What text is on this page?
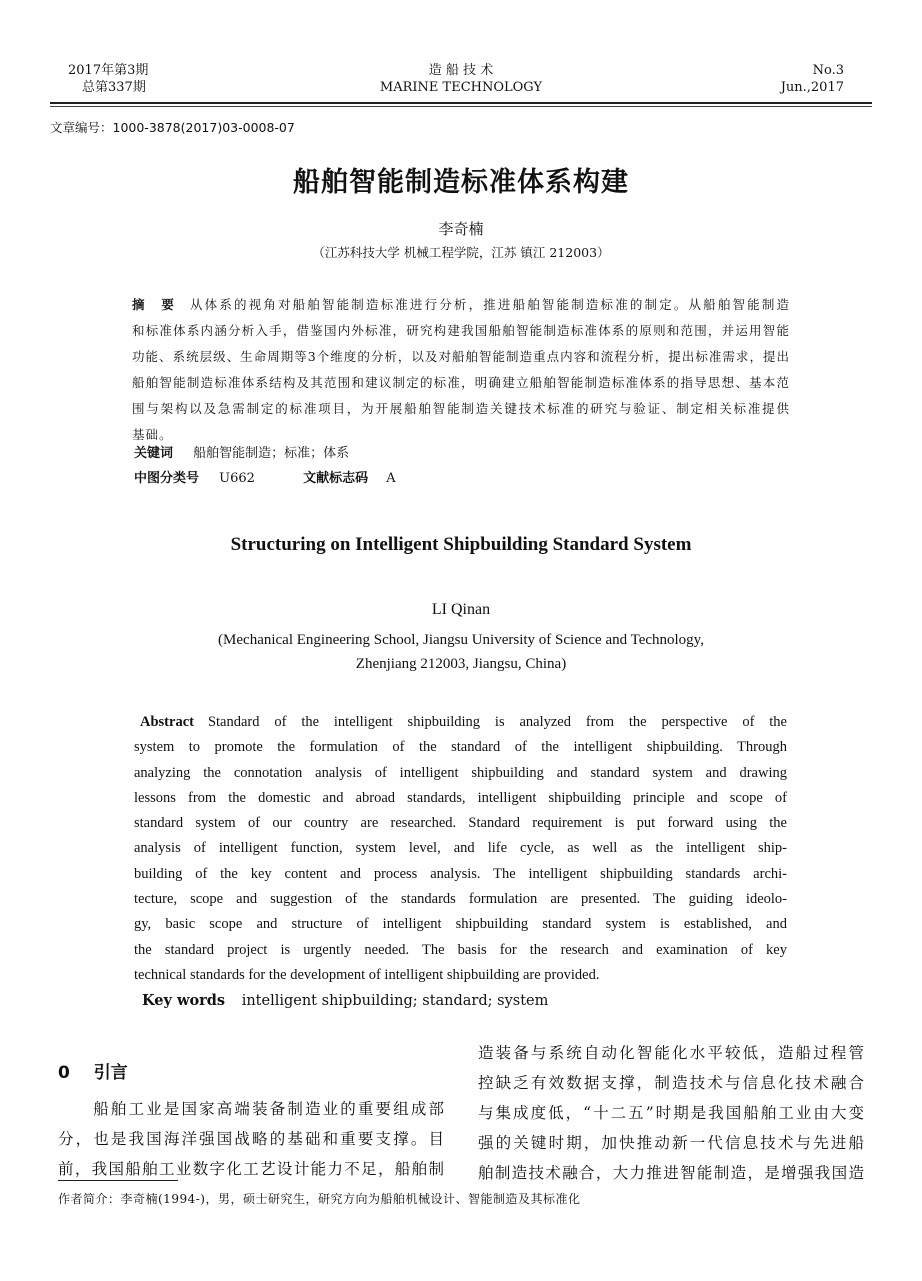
2017年第3期
总第337期
造 船 技 术
MARINE TECHNOLOGY
No.3
Jun.,2017
文章编号：1000-3878(2017)03-0008-07
船舶智能制造标准体系构建
李奇楠
（江苏科技大学 机械工程学院，江苏 镇江 212003）
摘　要 从体系的视角对船舶智能制造标准进行分析，推进船舶智能制造标准的制定。从船舶智能制造
和标准体系内涵分析入手，借鉴国内外标准，研究构建我国船舶智能制造标准体系的原则和范围，并运用智能
功能、系统层级、生命周期等3个维度的分析，以及对船舶智能制造重点内容和流程分析，提出标准需求，提出
船舶智能制造标准体系结构及其范围和建议制定的标准，明确建立船舶智能制造标准体系的指导思想、基本范
围与架构以及急需制定的标准项目，为开展船舶智能制造关键技术标准的研究与验证、制定相关标准提供
基础。
关键词 船舶智能制造；标准；体系
中图分类号 U662	文献标志码 A
Structuring on Intelligent Shipbuilding Standard System
LI Qinan
(Mechanical Engineering School, Jiangsu University of Science and Technology,
Zhenjiang 212003, Jiangsu, China)
Abstract Standard of the intelligent shipbuilding is analyzed from the perspective of the
system to promote the formulation of the standard of the intelligent shipbuilding. Through
analyzing the connotation analysis of intelligent shipbuilding and standard system and drawing
lessons from the domestic and abroad standards, intelligent shipbuilding principle and scope of
standard system of our country are researched. Standard requirement is put forward using the
analysis of intelligent function, system level, and life cycle, as well as the intelligent ship-
building of the key content and process analysis. The intelligent shipbuilding standards archi-
tecture, scope and suggestion of the standards formulation are presented. The guiding ideolo-
gy, basic scope and structure of intelligent shipbuilding standard system is established, and
the standard project is urgently needed. The basis for the research and examination of key
technical standards for the development of intelligent shipbuilding are provided.
Key words intelligent shipbuilding; standard; system
0 引言
　　船舶工业是国家高端装备制造业的重要组成部
分，也是我国海洋强国战略的基础和重要支撑。目
前，我国船舶工业数字化工艺设计能力不足，船舶制
造装备与系统自动化智能化水平较低，造船过程管
控缺乏有效数据支撑，制造技术与信息化技术融合
与集成度低，“十二五”时期是我国船舶工业由大变
强的关键时期，加快推动新一代信息技术与先进船
舶制造技术融合，大力推进智能制造，是增强我国造
作者简介：李奇楠(1994-)，男，硕士研究生，研究方向为船舶机械设计、智能制造及其标准化
